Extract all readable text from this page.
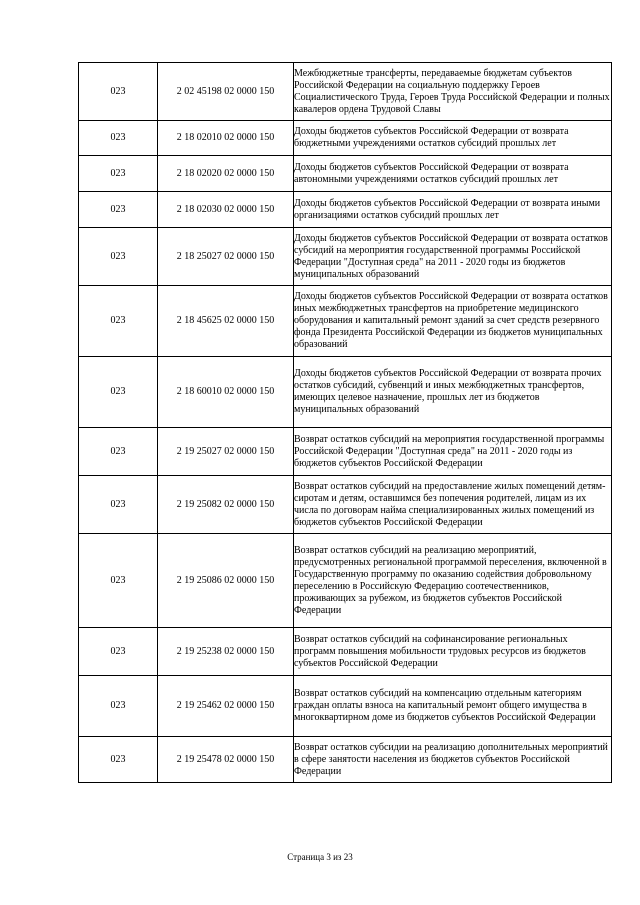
023	2 02 45198 02 0000 150	Межбюджетные трансферты, передаваемые бюджетам субъектов Российской Федерации на социальную поддержку Героев Социалистического Труда, Героев Труда Российской Федерации и полных кавалеров ордена Трудовой Славы
023	2 18 02010 02 0000 150	Доходы бюджетов субъектов Российской Федерации от возврата бюджетными учреждениями остатков субсидий прошлых лет
023	2 18 02020 02 0000 150	Доходы бюджетов субъектов Российской Федерации от возврата автономными учреждениями остатков субсидий прошлых лет
023	2 18 02030 02 0000 150	Доходы бюджетов субъектов Российской Федерации от возврата иными организациями остатков субсидий прошлых лет
023	2 18 25027 02 0000 150	Доходы бюджетов субъектов Российской Федерации от возврата остатков субсидий на мероприятия государственной программы Российской Федерации "Доступная среда" на 2011 - 2020 годы из бюджетов муниципальных образований
023	2 18 45625 02 0000 150	Доходы бюджетов субъектов Российской Федерации от возврата остатков иных межбюджетных трансфертов на приобретение медицинского оборудования и капитальный ремонт зданий за счет средств резервного фонда Президента Российской Федерации из бюджетов муниципальных образований
023	2 18 60010 02 0000 150	Доходы бюджетов субъектов Российской Федерации от возврата прочих остатков субсидий, субвенций и иных межбюджетных трансфертов, имеющих целевое назначение, прошлых лет из бюджетов муниципальных образований
023	2 19 25027 02 0000 150	Возврат остатков субсидий на мероприятия государственной программы Российской Федерации "Доступная среда" на 2011 - 2020 годы из бюджетов субъектов Российской Федерации
023	2 19 25082 02 0000 150	Возврат остатков субсидий на предоставление жилых помещений детям-сиротам и детям, оставшимся без попечения родителей, лицам из их числа по договорам найма специализированных жилых помещений из бюджетов субъектов Российской Федерации
023	2 19 25086 02 0000 150	Возврат остатков субсидий на реализацию мероприятий, предусмотренных региональной программой переселения, включенной в Государственную программу по оказанию содействия добровольному переселению в Российскую Федерацию соотечественников, проживающих за рубежом, из бюджетов субъектов Российской Федерации
023	2 19 25238 02 0000 150	Возврат остатков субсидий на софинансирование региональных программ повышения мобильности трудовых ресурсов из бюджетов субъектов Российской Федерации
023	2 19 25462 02 0000 150	Возврат остатков субсидий на компенсацию отдельным категориям граждан оплаты взноса на капитальный ремонт общего имущества в многоквартирном доме из бюджетов субъектов Российской Федерации
023	2 19 25478 02 0000 150	Возврат остатков субсидии на реализацию дополнительных мероприятий в сфере занятости населения из бюджетов субъектов Российской Федерации
Страница 3 из 23
